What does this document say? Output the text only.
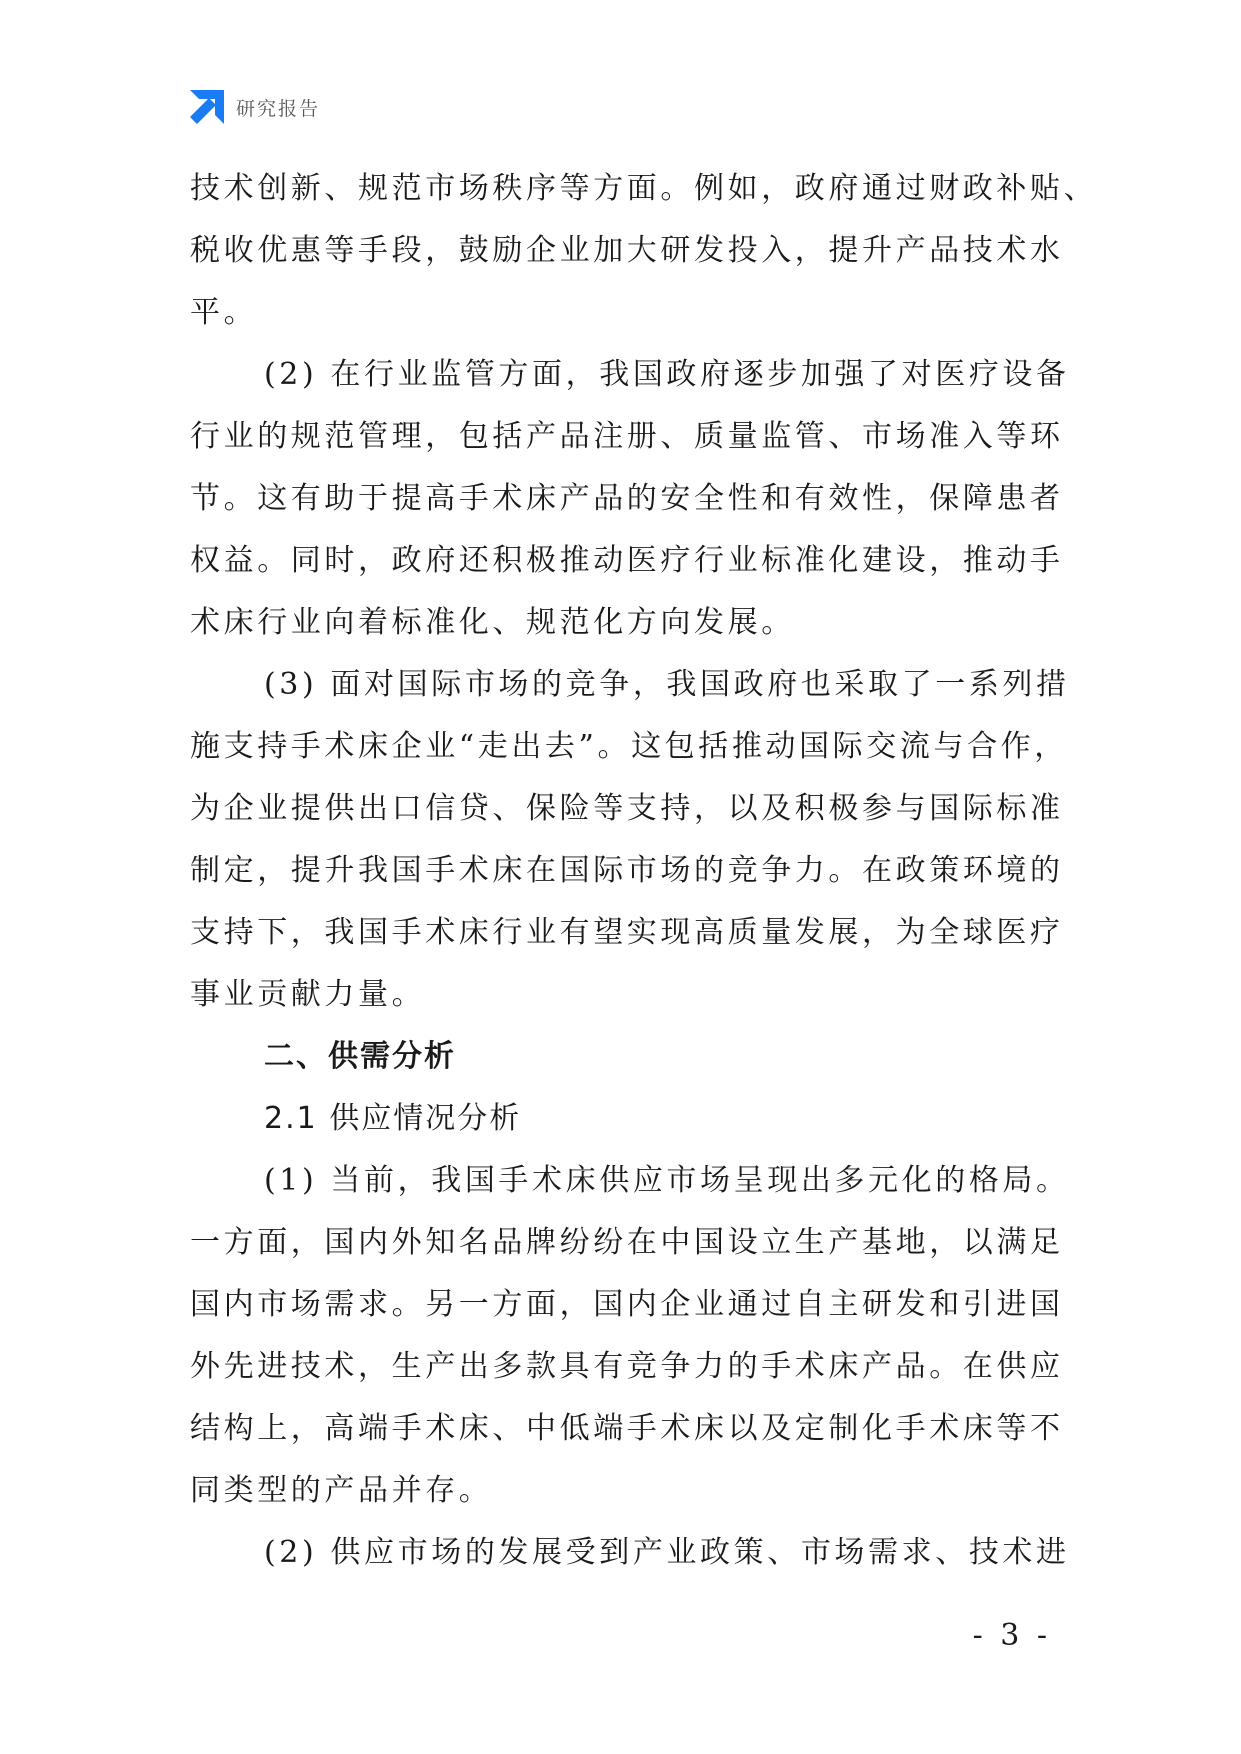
研究报告
技术创新、规范市场秩序等方面。例如，政府通过财政补贴、
税收优惠等手段，鼓励企业加大研发投入，提升产品技术水
平。
(2) 在行业监管方面，我国政府逐步加强了对医疗设备
行业的规范管理，包括产品注册、质量监管、市场准入等环
节。这有助于提高手术床产品的安全性和有效性，保障患者
权益。同时，政府还积极推动医疗行业标准化建设，推动手
术床行业向着标准化、规范化方向发展。
(3) 面对国际市场的竞争，我国政府也采取了一系列措
施支持手术床企业“走出去”。这包括推动国际交流与合作，
为企业提供出口信贷、保险等支持，以及积极参与国际标准
制定，提升我国手术床在国际市场的竞争力。在政策环境的
支持下，我国手术床行业有望实现高质量发展，为全球医疗
事业贡献力量。
二、供需分析
2.1 供应情况分析
(1) 当前，我国手术床供应市场呈现出多元化的格局。
一方面，国内外知名品牌纷纷在中国设立生产基地，以满足
国内市场需求。另一方面，国内企业通过自主研发和引进国
外先进技术，生产出多款具有竞争力的手术床产品。在供应
结构上，高端手术床、中低端手术床以及定制化手术床等不
同类型的产品并存。
(2) 供应市场的发展受到产业政策、市场需求、技术进
- 3 -
